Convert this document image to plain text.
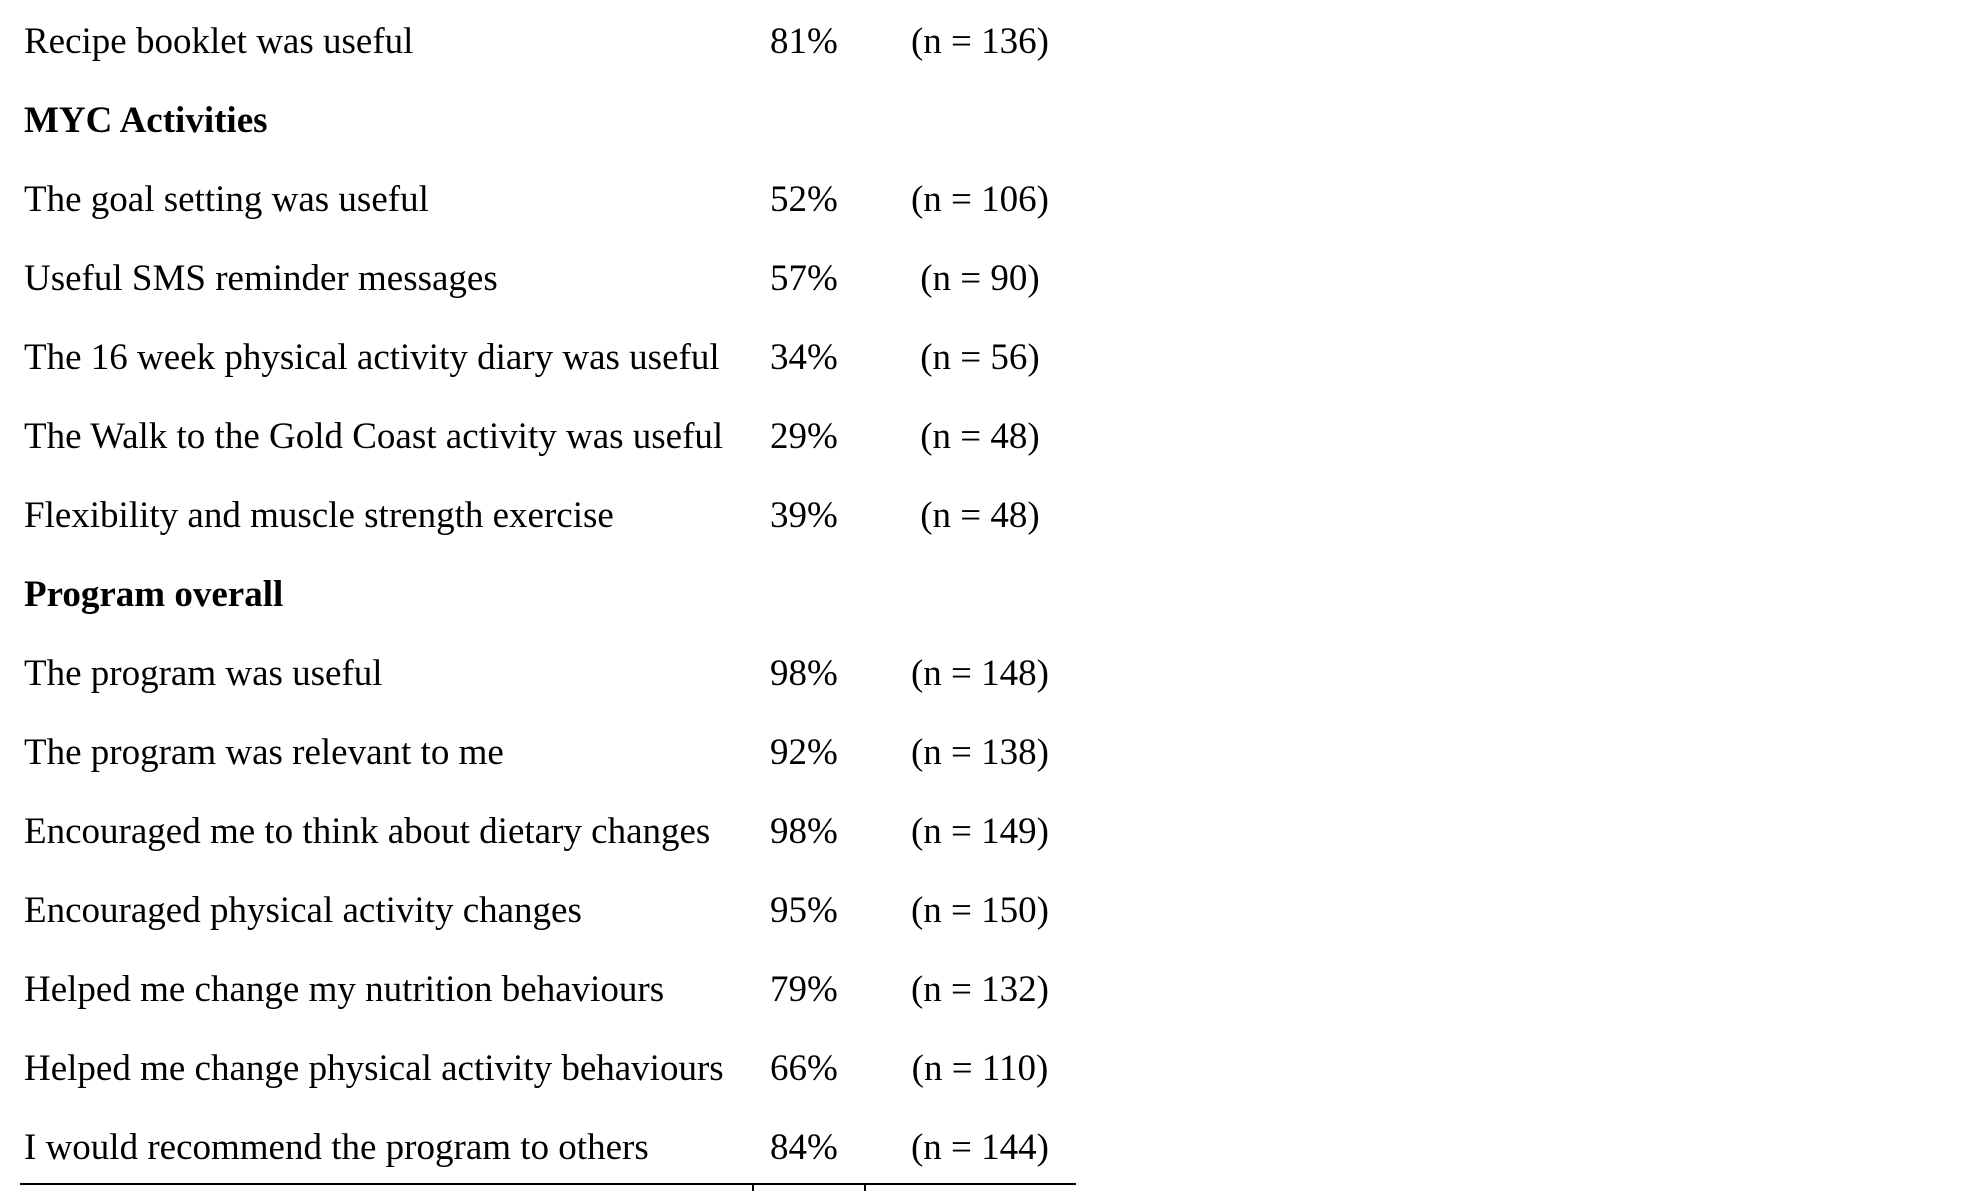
Recipe booklet was useful	81%	(n = 136)
MYC Activities
The goal setting was useful	52%	(n = 106)
Useful SMS reminder messages	57%	(n = 90)
The 16 week physical activity diary was useful 34%	(n = 56)
The Walk to the Gold Coast activity was useful 29%	(n = 48)
Flexibility and muscle strength exercise	39%	(n = 48)
Program overall
The program was useful	98%	(n = 148)
The program was relevant to me	92%	(n = 138)
Encouraged me to think about dietary changes 98%	(n = 149)
Encouraged physical activity changes	95%	(n = 150)
Helped me change my nutrition behaviours	79%	(n = 132)
Helped me change physical activity behaviours 66%	(n = 110)
I would recommend the program to others	84%	(n = 144)
